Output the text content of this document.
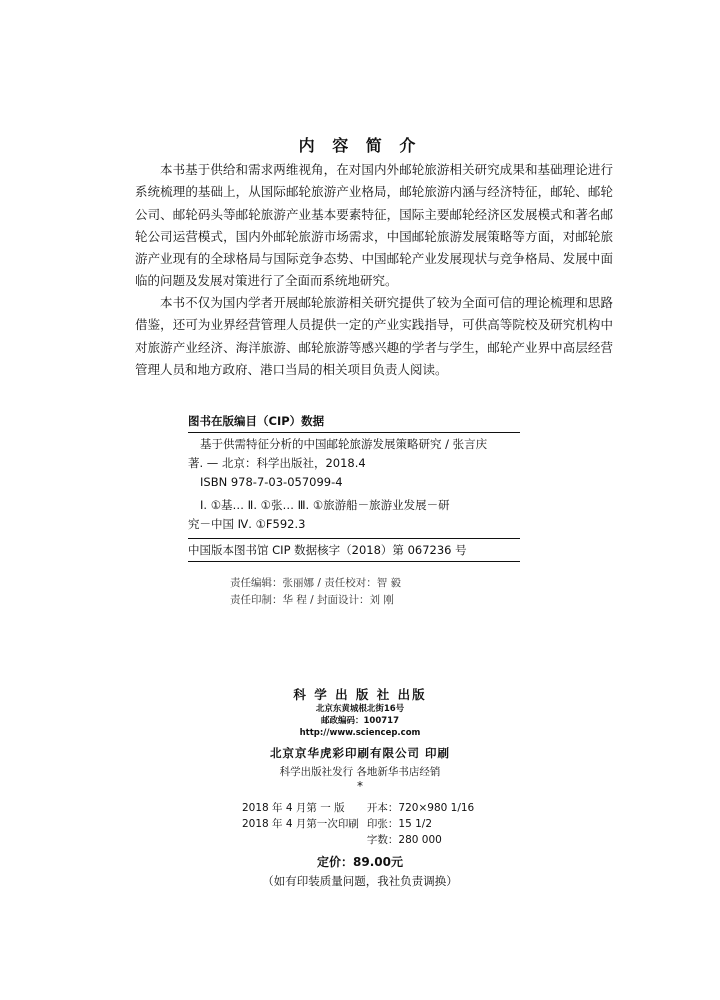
内 容 简 介

本书基于供给和需求两维视角，在对国内外邮轮旅游相关研究成果和基础理论进行系统梳理的基础上，从国际邮轮旅游产业格局，邮轮旅游内涵与经济特征，邮轮、邮轮公司、邮轮码头等邮轮旅游产业基本要素特征，国际主要邮轮经济区发展模式和著名邮轮公司运营模式，国内外邮轮旅游市场需求，中国邮轮旅游发展策略等方面，对邮轮旅游产业现有的全球格局与国际竞争态势、中国邮轮产业发展现状与竞争格局、发展中面临的问题及发展对策进行了全面而系统地研究。

本书不仅为国内学者开展邮轮旅游相关研究提供了较为全面可信的理论梳理和思路借鉴，还可为业界经营管理人员提供一定的产业实践指导，可供高等院校及研究机构中对旅游产业经济、海洋旅游、邮轮旅游等感兴趣的学者与学生，邮轮产业界中高层经营管理人员和地方政府、港口当局的相关项目负责人阅读。

图书在版编目（CIP）数据
基于供需特征分析的中国邮轮旅游发展策略研究 / 张言庆
著. — 北京：科学出版社，2018.4
ISBN 978-7-03-057099-4
Ⅰ. ①基… Ⅱ. ①张… Ⅲ. ①旅游船－旅游业发展－研
究－中国 Ⅳ. ①F592.3
中国版本图书馆 CIP 数据核字（2018）第 067236 号
责任编辑：张丽娜 / 责任校对：智 毅
责任印制：华 程 / 封面设计：刘 刚
科 学 出 版 社 出版
北京东黄城根北街16号
邮政编码：100717
http://www.sciencep.com
北京京华虎彩印刷有限公司 印刷
科学出版社发行 各地新华书店经销
*
2018 年 4 月第 一 版	开本：720×980 1/16
2018 年 4 月第一次印刷	印张：15 1/2
	字数：280 000
定价：89.00元
（如有印装质量问题，我社负责调换）
